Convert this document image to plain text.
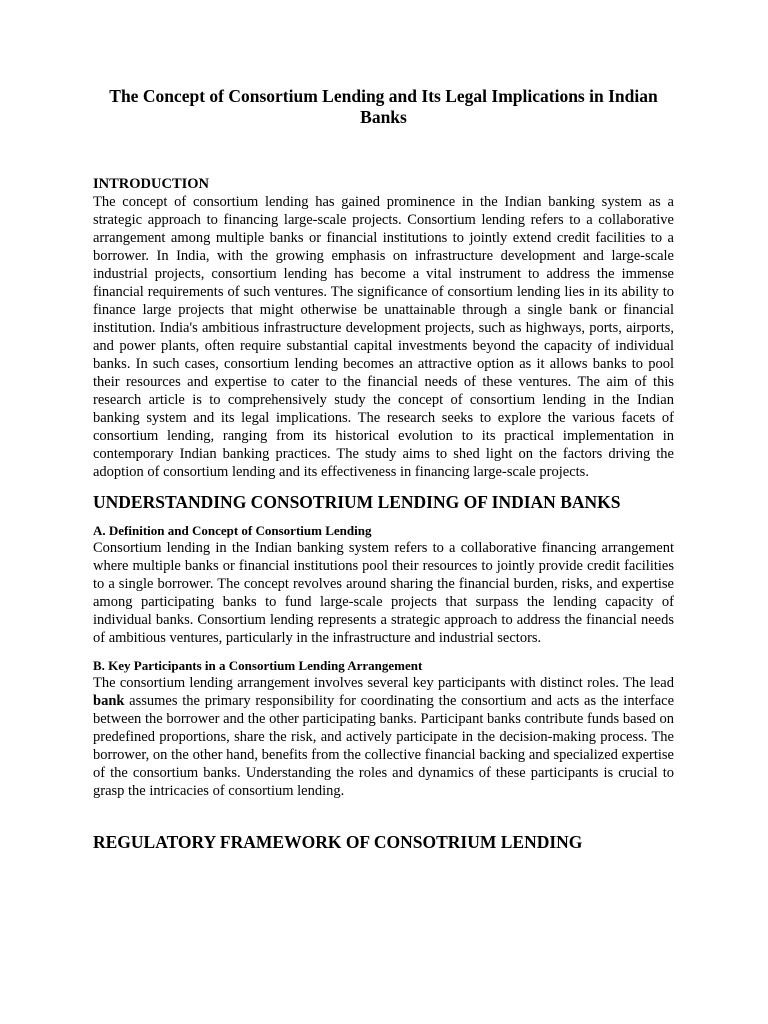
The Concept of Consortium Lending and Its Legal Implications in Indian Banks
INTRODUCTION

The concept of consortium lending has gained prominence in the Indian banking system as a strategic approach to financing large-scale projects. Consortium lending refers to a collaborative arrangement among multiple banks or financial institutions to jointly extend credit facilities to a borrower. In India, with the growing emphasis on infrastructure development and large-scale industrial projects, consortium lending has become a vital instrument to address the immense financial requirements of such ventures. The significance of consortium lending lies in its ability to finance large projects that might otherwise be unattainable through a single bank or financial institution. India's ambitious infrastructure development projects, such as highways, ports, airports, and power plants, often require substantial capital investments beyond the capacity of individual banks. In such cases, consortium lending becomes an attractive option as it allows banks to pool their resources and expertise to cater to the financial needs of these ventures. The aim of this research article is to comprehensively study the concept of consortium lending in the Indian banking system and its legal implications. The research seeks to explore the various facets of consortium lending, ranging from its historical evolution to its practical implementation in contemporary Indian banking practices. The study aims to shed light on the factors driving the adoption of consortium lending and its effectiveness in financing large-scale projects.

UNDERSTANDING CONSOTRIUM LENDING OF INDIAN BANKS
A. Definition and Concept of Consortium Lending

Consortium lending in the Indian banking system refers to a collaborative financing arrangement where multiple banks or financial institutions pool their resources to jointly provide credit facilities to a single borrower. The concept revolves around sharing the financial burden, risks, and expertise among participating banks to fund large-scale projects that surpass the lending capacity of individual banks. Consortium lending represents a strategic approach to address the financial needs of ambitious ventures, particularly in the infrastructure and industrial sectors.

B. Key Participants in a Consortium Lending Arrangement

The consortium lending arrangement involves several key participants with distinct roles. The lead bank assumes the primary responsibility for coordinating the consortium and acts as the interface between the borrower and the other participating banks. Participant banks contribute funds based on predefined proportions, share the risk, and actively participate in the decision-making process. The borrower, on the other hand, benefits from the collective financial backing and specialized expertise of the consortium banks. Understanding the roles and dynamics of these participants is crucial to grasp the intricacies of consortium lending.

REGULATORY FRAMEWORK OF CONSOTRIUM LENDING
